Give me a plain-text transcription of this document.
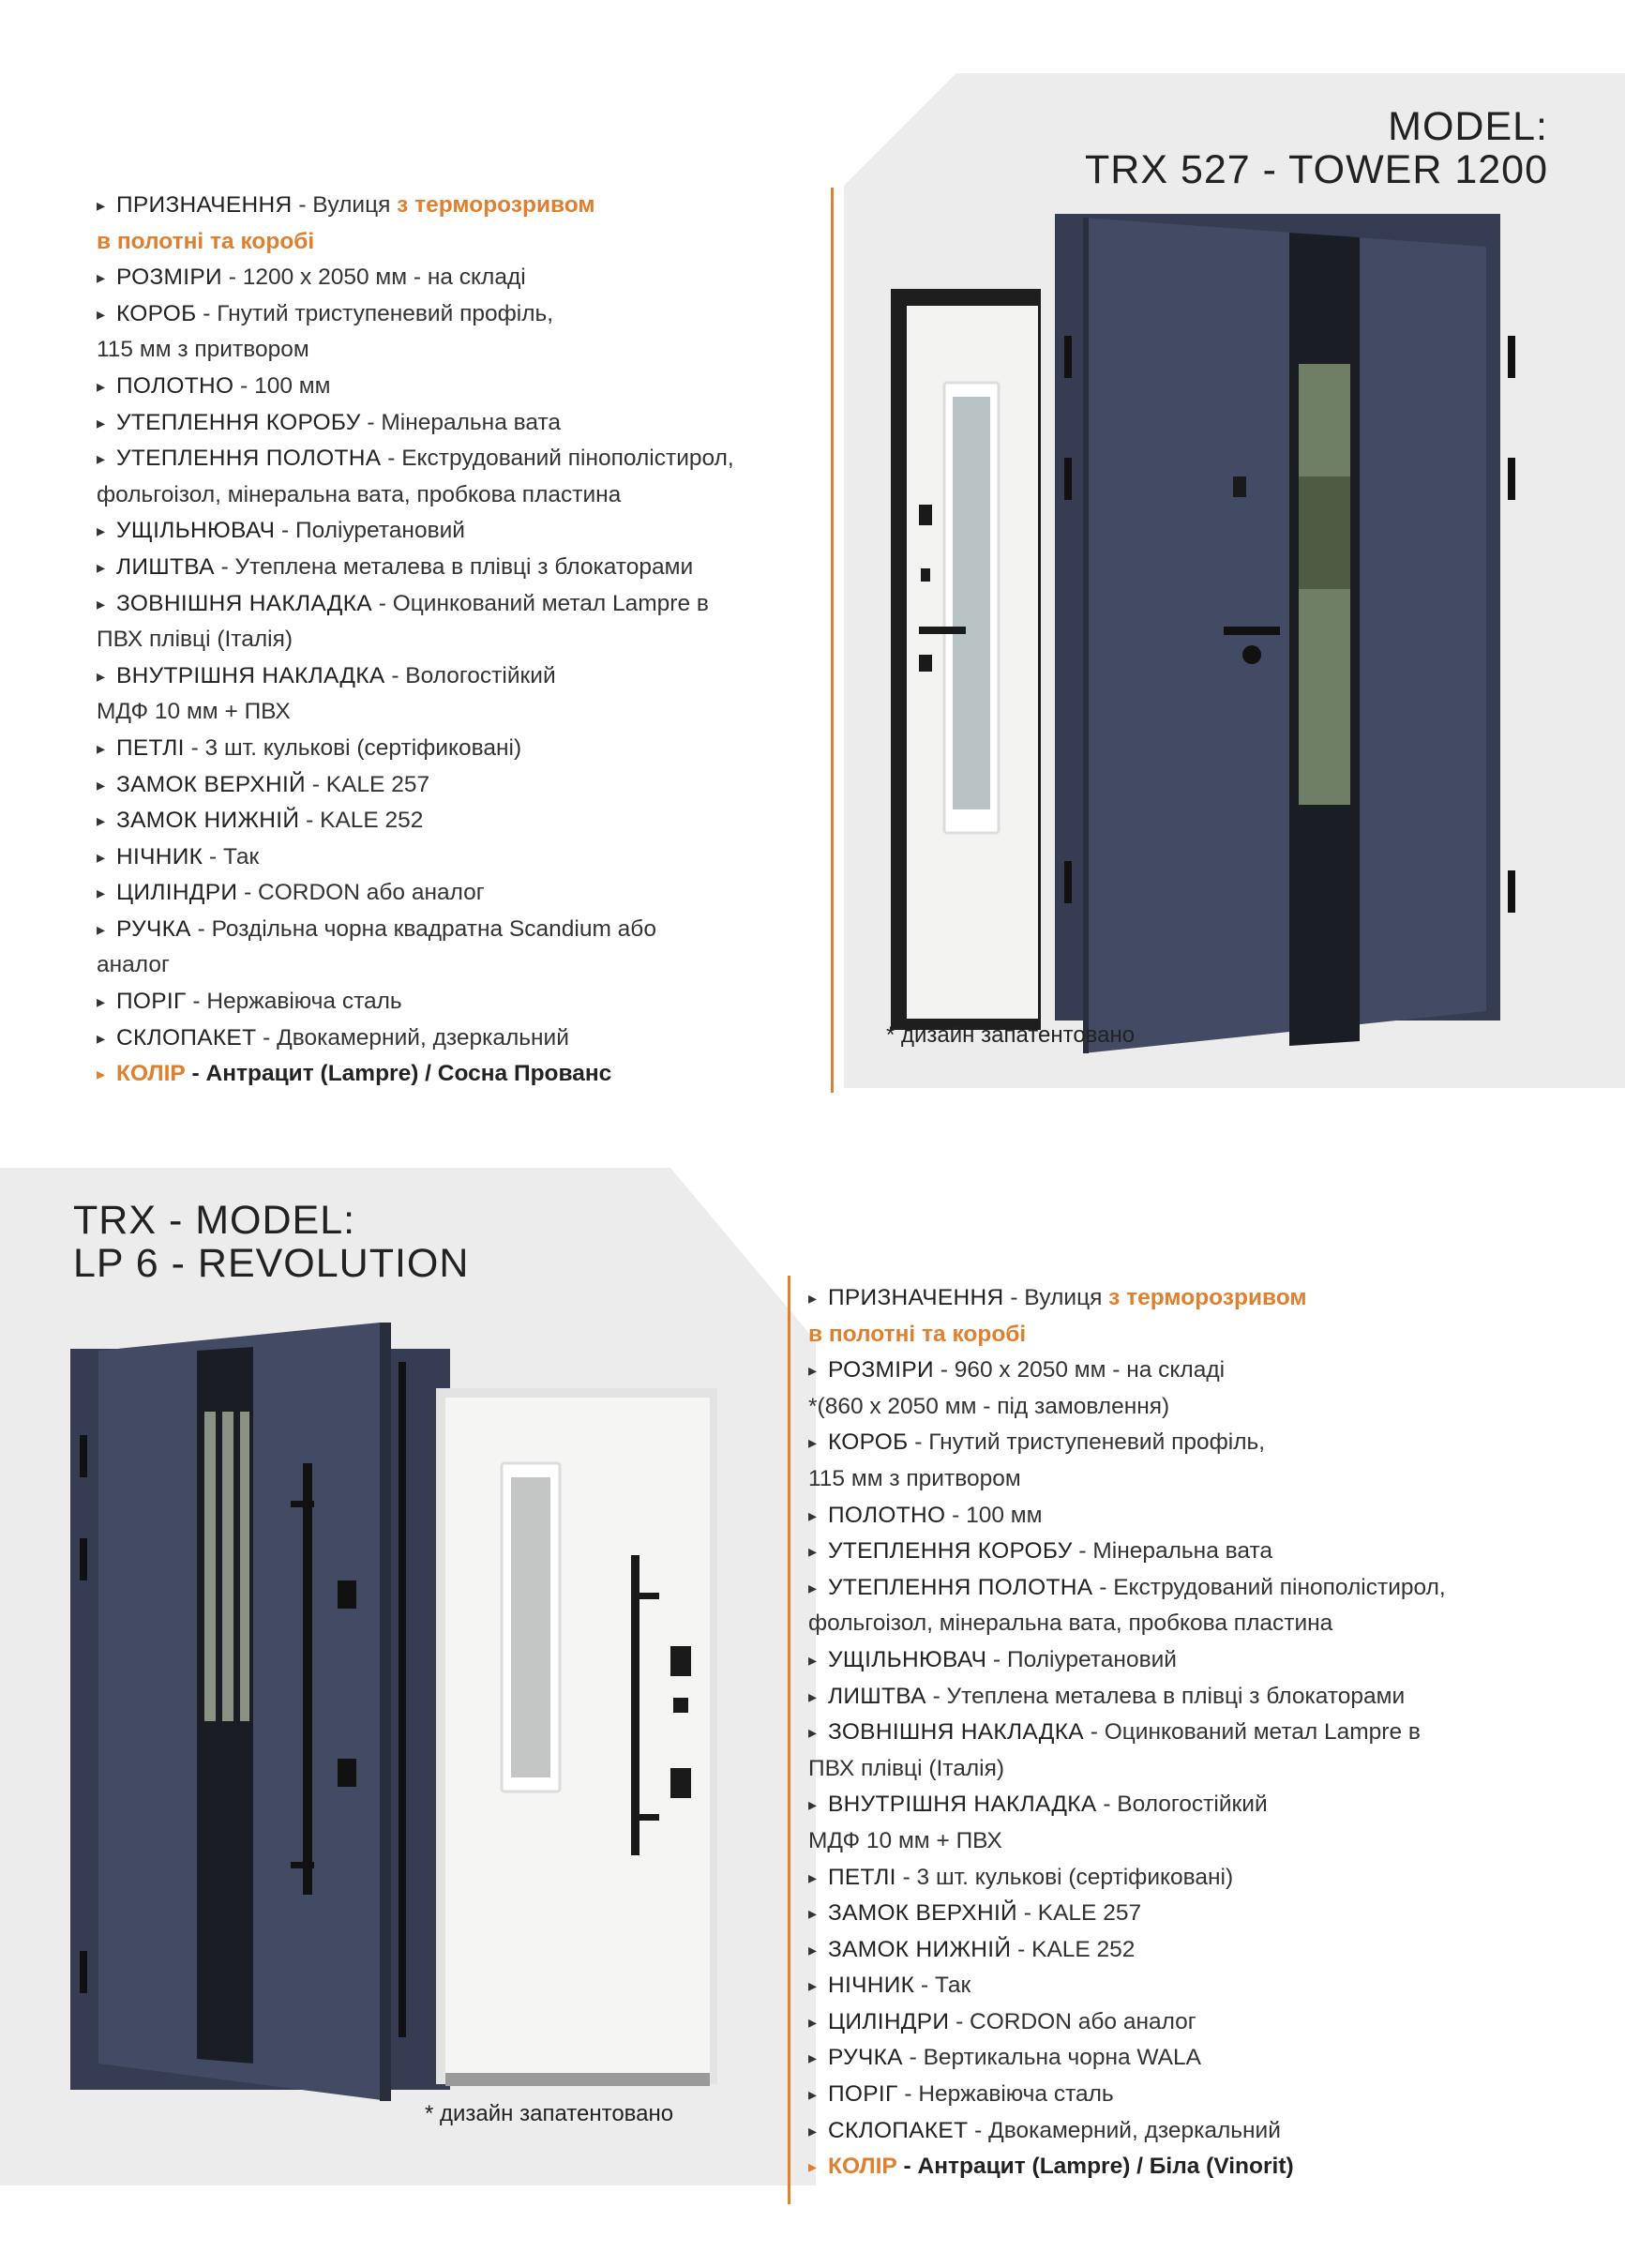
MODEL:
TRX 527 - TOWER 1200
▸ ПРИЗНАЧЕННЯ - Вулиця з терморозривом
в полотні та коробі
▸ РОЗМІРИ - 1200 х 2050 мм - на складі
▸ КОРОБ - Гнутий триступеневий профіль,
115 мм з притвором
▸ ПОЛОТНО - 100 мм
▸ УТЕПЛЕННЯ КОРОБУ - Мінеральна вата
▸ УТЕПЛЕННЯ ПОЛОТНА - Екструдований пінополістирол,
фольгоізол, мінеральна вата, пробкова пластина
▸ УЩІЛЬНЮВАЧ - Поліуретановий
▸ ЛИШТВА - Утеплена металева в плівці з блокаторами
▸ ЗОВНІШНЯ НАКЛАДКА - Оцинкований метал Lampre в
ПВХ плівці (Італія)
▸ ВНУТРІШНЯ НАКЛАДКА - Вологостійкий
МДФ 10 мм + ПВХ
▸ ПЕТЛІ - 3 шт. кулькові (сертіфиковані)
▸ ЗАМОК ВЕРХНІЙ - KALE 257
▸ ЗАМОК НИЖНІЙ - KALE 252
▸ НІЧНИК - Так
▸ ЦИЛІНДРИ - CORDON або аналог
▸ РУЧКА - Роздільна чорна квадратна Scandium або
аналог
▸ ПОРІГ - Нержавіюча сталь
▸ СКЛОПАКЕТ - Двокамерний, дзеркальний
▸ КОЛІР - Антрацит (Lampre) / Сосна Прованс
* дизайн запатентовано
TRX - MODEL:
LP 6 - REVOLUTION
▸ ПРИЗНАЧЕННЯ - Вулиця з терморозривом
в полотні та коробі
▸ РОЗМІРИ - 960 х 2050 мм - на складі
*(860 х 2050 мм - під замовлення)
▸ КОРОБ - Гнутий триступеневий профіль,
115 мм з притвором
▸ ПОЛОТНО - 100 мм
▸ УТЕПЛЕННЯ КОРОБУ - Мінеральна вата
▸ УТЕПЛЕННЯ ПОЛОТНА - Екструдований пінополістирол,
фольгоізол, мінеральна вата, пробкова пластина
▸ УЩІЛЬНЮВАЧ - Поліуретановий
▸ ЛИШТВА - Утеплена металева в плівці з блокаторами
▸ ЗОВНІШНЯ НАКЛАДКА - Оцинкований метал Lampre в
ПВХ плівці (Італія)
▸ ВНУТРІШНЯ НАКЛАДКА - Вологостійкий
МДФ 10 мм + ПВХ
▸ ПЕТЛІ - 3 шт. кулькові (сертіфиковані)
▸ ЗАМОК ВЕРХНІЙ - KALE 257
▸ ЗАМОК НИЖНІЙ - KALE 252
▸ НІЧНИК - Так
▸ ЦИЛІНДРИ - CORDON або аналог
▸ РУЧКА - Вертикальна чорна WALA
▸ ПОРІГ - Нержавіюча сталь
▸ СКЛОПАКЕТ - Двокамерний, дзеркальний
▸ КОЛІР - Антрацит (Lampre) / Біла (Vinorit)
* дизайн запатентовано
